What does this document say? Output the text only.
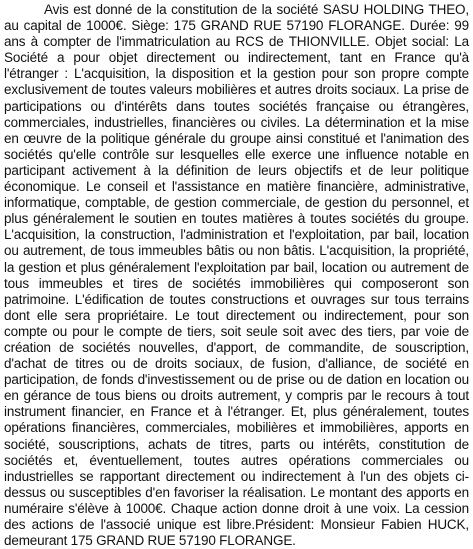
Avis est donné de la constitution de la société SASU HOLDING THEO, au capital de 1000€. Siège: 175 GRAND RUE 57190 FLORANGE. Durée: 99 ans à compter de l'immatriculation au RCS de THIONVILLE. Objet social: La Société a pour objet directement ou indirectement, tant en France qu'à l'étranger : L'acquisition, la disposition et la gestion pour son propre compte exclusivement de toutes valeurs mobilières et autres droits sociaux. La prise de participations ou d'intérêts dans toutes sociétés française ou étrangères, commerciales, industrielles, financières ou civiles. La détermination et la mise en œuvre de la politique générale du groupe ainsi constitué et l'animation des sociétés qu'elle contrôle sur lesquelles elle exerce une influence notable en participant activement à la définition de leurs objectifs et de leur politique économique. Le conseil et l'assistance en matière financière, administrative, informatique, comptable, de gestion commerciale, de gestion du personnel, et plus généralement le soutien en toutes matières à toutes sociétés du groupe. L'acquisition, la construction, l'administration et l'exploitation, par bail, location ou autrement, de tous immeubles bâtis ou non bâtis. L'acquisition, la propriété, la gestion et plus généralement l'exploitation par bail, location ou autrement de tous immeubles et tires de sociétés immobilières qui composeront son patrimoine. L'édification de toutes constructions et ouvrages sur tous terrains dont elle sera propriétaire. Le tout directement ou indirectement, pour son compte ou pour le compte de tiers, soit seule soit avec des tiers, par voie de création de sociétés nouvelles, d'apport, de commandite, de souscription, d'achat de titres ou de droits sociaux, de fusion, d'alliance, de société en participation, de fonds d'investissement ou de prise ou de dation en location ou en gérance de tous biens ou droits autrement, y compris par le recours à tout instrument financier, en France et à l'étranger. Et, plus généralement, toutes opérations financières, commerciales, mobilières et immobilières, apports en société, souscriptions, achats de titres, parts ou intérêts, constitution de sociétés et, éventuellement, toutes autres opérations commerciales ou industrielles se rapportant directement ou indirectement à l'un des objets ci-dessus ou susceptibles d'en favoriser la réalisation. Le montant des apports en numéraire s'élève à 1000€. Chaque action donne droit à une voix. La cession des actions de l'associé unique est libre.Président: Monsieur Fabien HUCK, demeurant 175 GRAND RUE 57190 FLORANGE.
